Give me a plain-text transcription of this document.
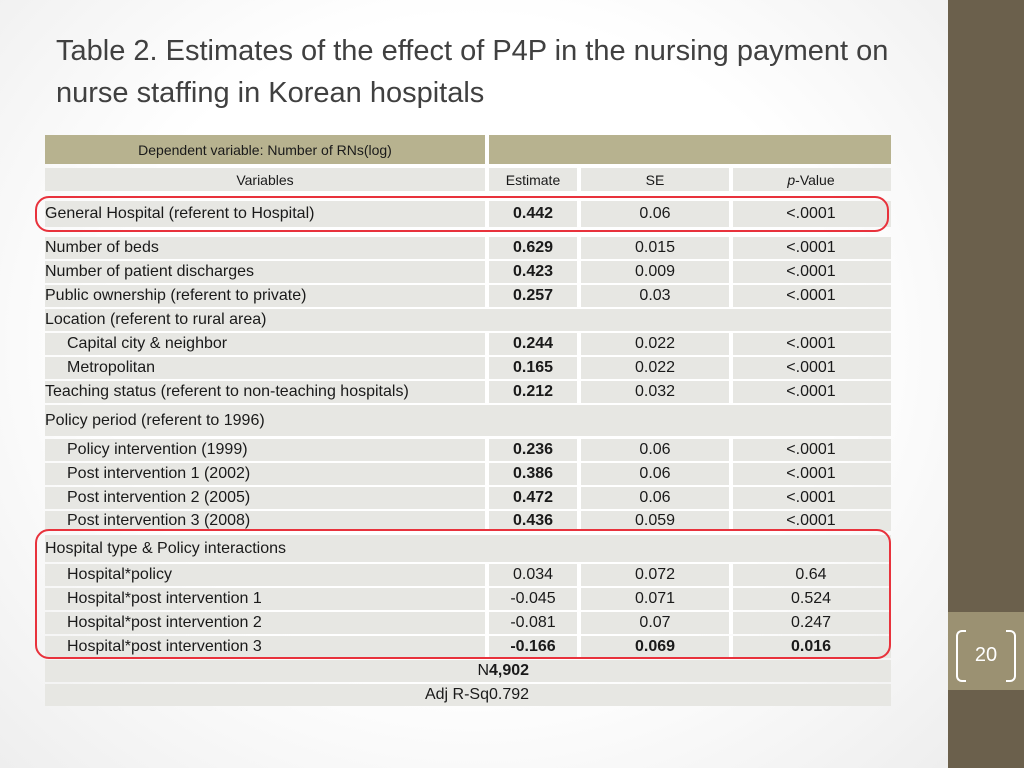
20
Table 2. Estimates of the effect of P4P in the nursing payment on nurse staffing in Korean hospitals
Dependent variable: Number of RNs(log)
Variables	Estimate	SE	p -Value
General Hospital (referent to Hospital)	0.442	0.06	<.0001
Number of beds	0.629	0.015	<.0001
Number of patient discharges	0.423	0.009	<.0001
Public ownership (referent to private)	0.257	0.03	<.0001
Location (referent to rural area)
Capital city & neighbor	0.244	0.022	<.0001
Metropolitan	0.165	0.022	<.0001
Teaching status (referent to non-teaching hospitals)	0.212	0.032	<.0001
Policy period (referent to 1996)
Policy intervention (1999)	0.236	0.06	<.0001
Post intervention 1 (2002)	0.386	0.06	<.0001
Post intervention 2 (2005)	0.472	0.06	<.0001
Post intervention 3 (2008)	0.436	0.059	<.0001
Hospital type & Policy interactions
Hospital*policy	0.034	0.072	0.64
Hospital*post intervention 1	-0.045	0.071	0.524
Hospital*post intervention 2	-0.081	0.07	0.247
Hospital*post intervention 3	-0.166	0.069	0.016
N 4,902
Adj R-Sq 0.792
